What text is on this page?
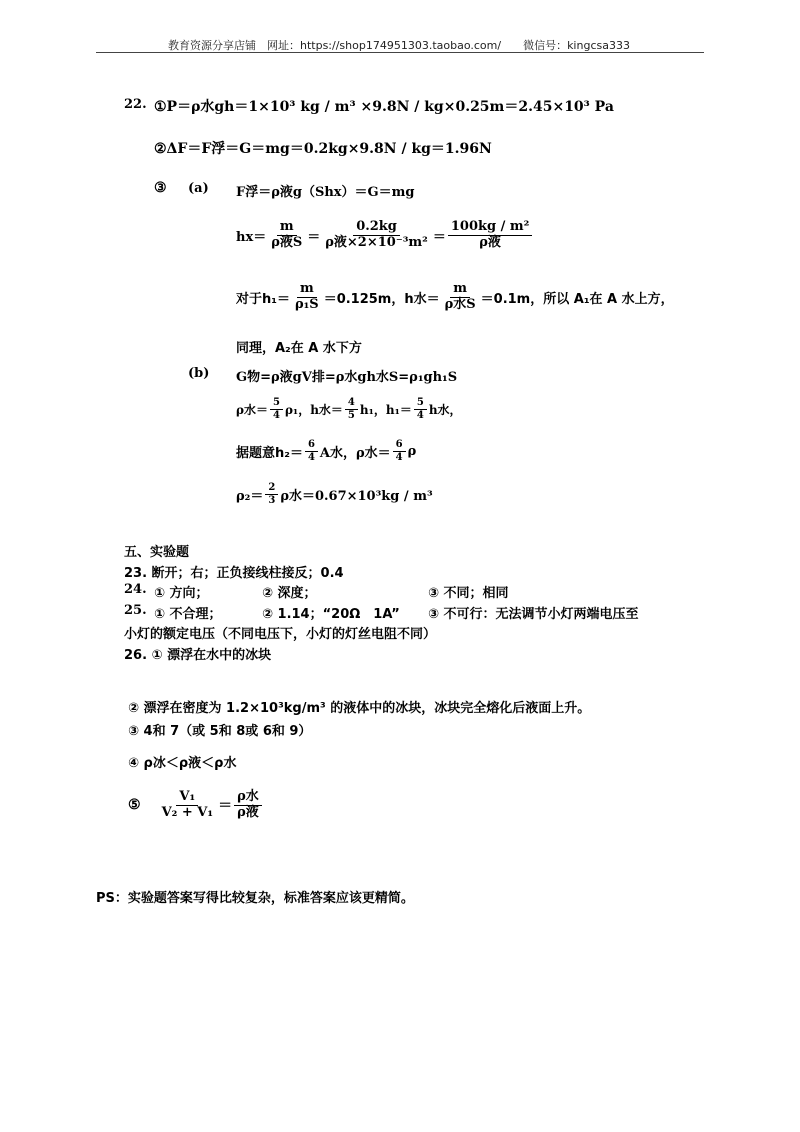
教育资源分享店铺　网址：https://shop174951303.taobao.com/　　微信号：kingcsa333
22. ①P＝ρ水gh＝1×10³ kg / m³ ×9.8N / kg×0.25m＝2.45×10³ Pa
②ΔF＝F浮＝G＝mg＝0.2kg×9.8N / kg＝1.96N
③ (a) F浮＝ρ液g（Shx）＝G＝mg
hx＝
m
ρ液S ＝
0.2kg
ρ液×2×10⁻³m² ＝
100kg / m²
ρ液
对于$h_1= \frac{m}{\text{ρ₁S}} =0.125m$，h水＝
m
ρ水S ＝0.1m，所以 A₁在 A 水上方，
同理，A₂在 A 水下方
(b) G物=ρ液gV排=ρ水gh水S=ρ₁gh₁S
ρ水＝ $\frac{5}{4} \rho_1$，h水＝ $\frac{4}{5} h_1$，$h_1= \frac{5}{4}$ h水，
据题意$h_2= \frac{6}{4}$ A水，ρ水＝ $\frac{6}{4}$ ρ
$\rho_2= \frac{2}{3}$ ρ水＝0.67×10³kg / m³
五、实验题
23. 断开；右；正负接线柱接反；0.4
24. ① 方向；	② 深度；	③ 不同；相同
25. ① 不合理；	② 1.14；“20Ω　1A” ③ 不可行：无法调节小灯两端电压至
小灯的额定电压（不同电压下，小灯的灯丝电阻不同）
26. ① 漂浮在水中的冰块
② 漂浮在密度为 1.2×10³kg/m³ 的液体中的冰块，冰块完全熔化后液面上升。
③ 4和 7（或 5和 8或 6和 9）
④ ρ冰＜ρ液＜ρ水
⑤ $\frac{\text{V₁}}{\text{V₂ + V₁}}$ ＝
ρ水
ρ液
PS：实验题答案写得比较复杂，标准答案应该更精简。
